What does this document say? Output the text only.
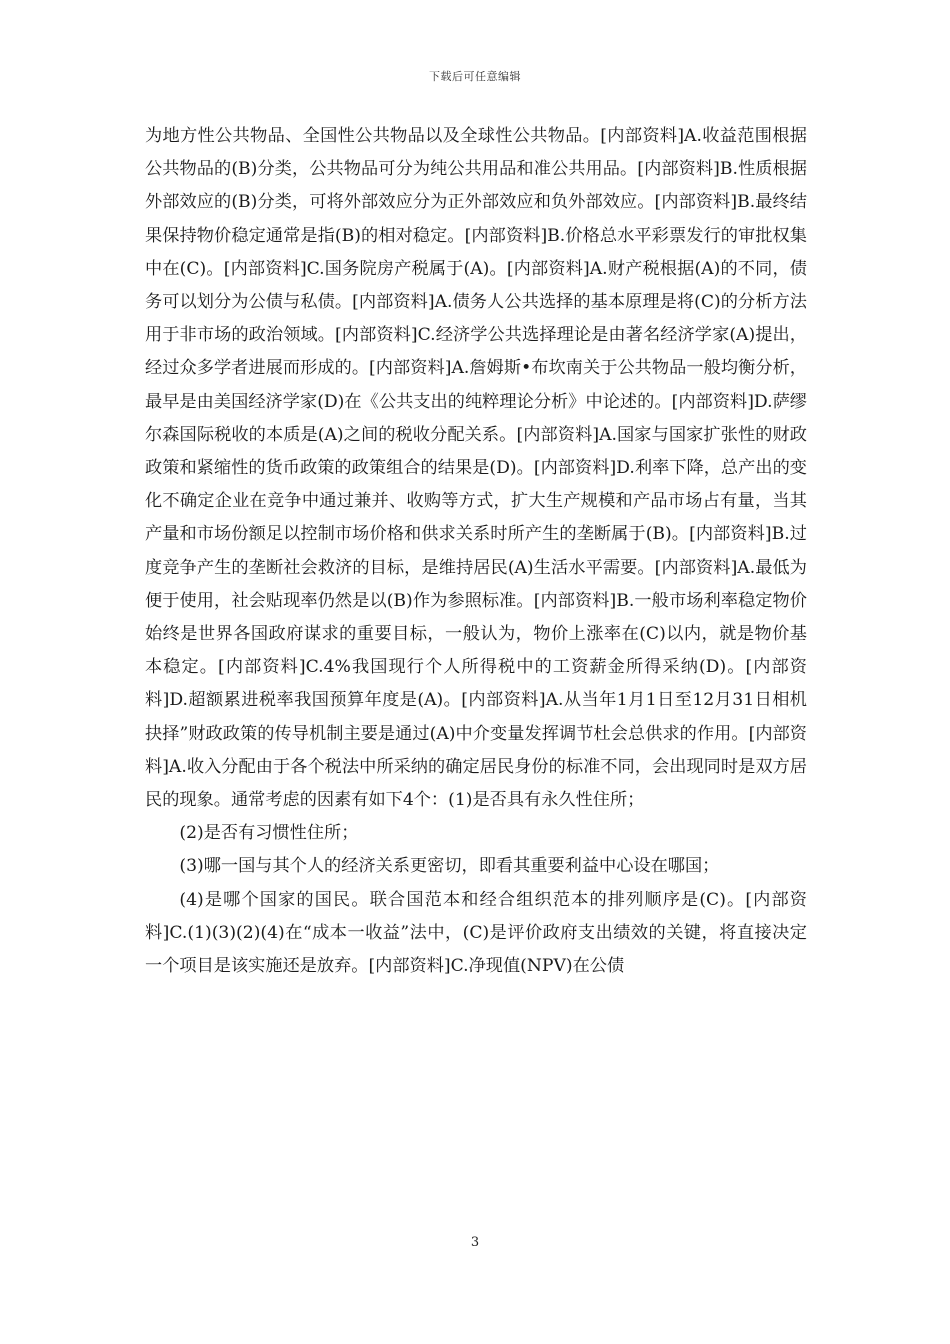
下载后可任意编辑

为地方性公共物品、全国性公共物品以及全球性公共物品。[内部资料]A.收益范围根据公共物品的(B)分类，公共物品可分为纯公共用品和准公共用品。[内部资料]B.性质根据外部效应的(B)分类，可将外部效应分为正外部效应和负外部效应。[内部资料]B.最终结果保持物价稳定通常是指(B)的相对稳定。[内部资料]B.价格总水平彩票发行的审批权集中在(C)。[内部资料]C.国务院房产税属于(A)。[内部资料]A.财产税根据(A)的不同，债务可以划分为公债与私债。[内部资料]A.债务人公共选择的基本原理是将(C)的分析方法用于非市场的政治领域。[内部资料]C.经济学公共选择理论是由著名经济学家(A)提出，经过众多学者进展而形成的。[内部资料]A.詹姆斯•布坎南关于公共物品一般均衡分析，最早是由美国经济学家(D)在《公共支出的纯粹理论分析》中论述的。[内部资料]D.萨缪尔森国际税收的本质是(A)之间的税收分配关系。[内部资料]A.国家与国家扩张性的财政政策和紧缩性的货币政策的政策组合的结果是(D)。[内部资料]D.利率下降，总产出的变化不确定企业在竞争中通过兼并、收购等方式，扩大生产规模和产品市场占有量，当其产量和市场份额足以控制市场价格和供求关系时所产生的垄断属于(B)。[内部资料]B.过度竞争产生的垄断社会救济的目标，是维持居民(A)生活水平需要。[内部资料]A.最低为便于使用，社会贴现率仍然是以(B)作为参照标准。[内部资料]B.一般市场利率稳定物价始终是世界各国政府谋求的重要目标，一般认为，物价上涨率在(C)以内，就是物价基本稳定。[内部资料]C.4%我国现行个人所得税中的工资薪金所得采纳(D)。[内部资料]D.超额累进税率我国预算年度是(A)。[内部资料]A.从当年1月1日至12月31日相机抉择”财政政策的传导机制主要是通过(A)中介变量发挥调节杜会总供求的作用。[内部资料]A.收入分配由于各个税法中所采纳的确定居民身份的标准不同，会出现同时是双方居民的现象。通常考虑的因素有如下4个：(1)是否具有永久性住所；

(2)是否有习惯性住所；

(3)哪一国与其个人的经济关系更密切，即看其重要利益中心设在哪国；

(4)是哪个国家的国民。联合国范本和经合组织范本的排列顺序是(C)。[内部资料]C.(1)(3)(2)(4)在“成本一收益”法中，(C)是评价政府支出绩效的关键，将直接决定一个项目是该实施还是放弃。[内部资料]C.净现值(NPV)在公债

3
